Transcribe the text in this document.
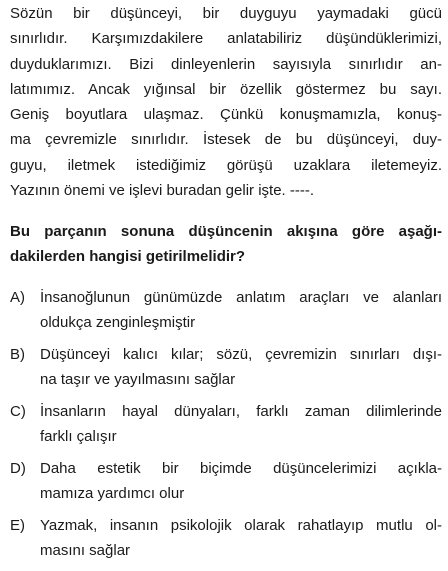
Sözün bir düşünceyi, bir duyguyu yaymadaki gücü
sınırlıdır. Karşımızdakilere anlatabiliriz düşündüklerimizi,
duyduklarımızı. Bizi dinleyenlerin sayısıyla sınırlıdır an-
latımımız. Ancak yığınsal bir özellik göstermez bu sayı.
Geniş boyutlara ulaşmaz. Çünkü konuşmamızla, konuş-
ma çevremizle sınırlıdır. İstesek de bu düşünceyi, duy-
guyu, iletmek istediğimiz görüşü uzaklara iletemeyiz.
Yazının önemi ve işlevi buradan gelir işte. ----.
Bu parçanın sonuna düşüncenin akışına göre aşağı-
dakilerden hangisi getirilmelidir?
A) İnsanoğlunun günümüzde anlatım araçları ve alanları
oldukça zenginleşmiştir
B) Düşünceyi kalıcı kılar; sözü, çevremizin sınırları dışı-
na taşır ve yayılmasını sağlar
C) İnsanların hayal dünyaları, farklı zaman dilimlerinde
farklı çalışır
D) Daha estetik bir biçimde düşüncelerimizi açıkla-
mamıza yardımcı olur
E) Yazmak, insanın psikolojik olarak rahatlayıp mutlu ol-
masını sağlar
